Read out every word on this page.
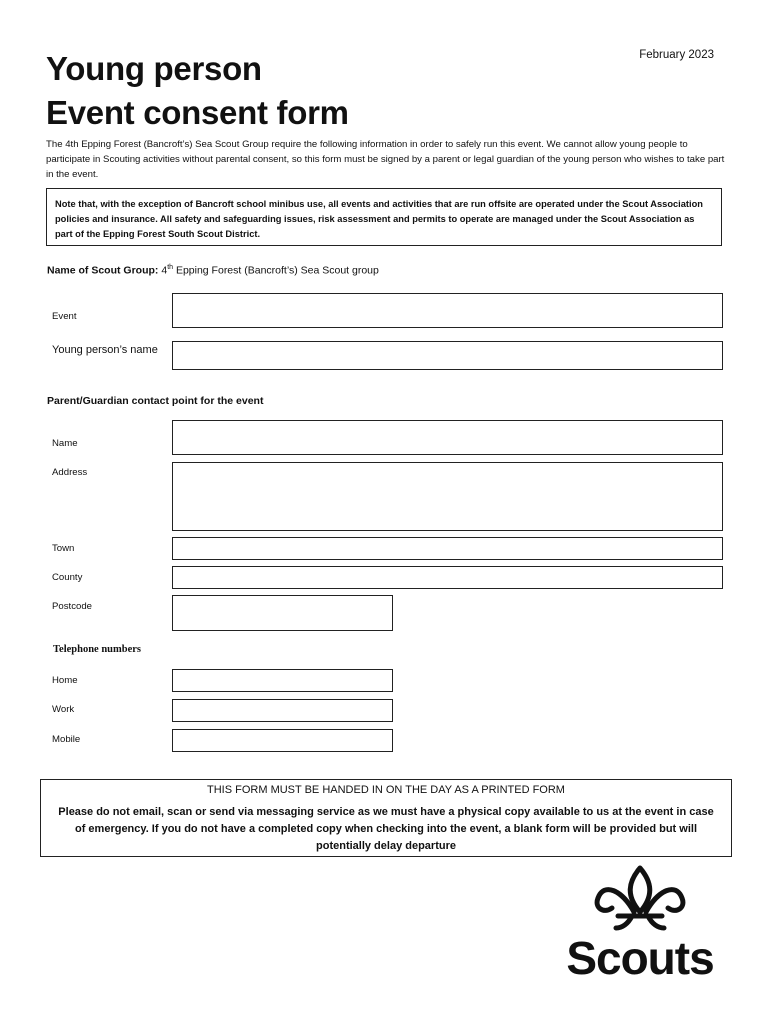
February 2023
Young person
Event consent form
The 4th Epping Forest (Bancroft’s) Sea Scout Group require the following information in order to safely run this event. We cannot allow young people to participate in Scouting activities without parental consent, so this form must be signed by a parent or legal guardian of the young person who wishes to take part in the event.
Note that, with the exception of Bancroft school minibus use, all events and activities that are run offsite are operated under the Scout Association policies and insurance. All safety and safeguarding issues, risk assessment and permits to operate are managed under the Scout Association as part of the Epping Forest South Scout District.
Name of Scout Group: 4th Epping Forest (Bancroft’s) Sea Scout group
Event
Young person’s name
Parent/Guardian contact point for the event
Name
Address
Town
County
Postcode
Telephone numbers
Home
Work
Mobile
THIS FORM MUST BE HANDED IN ON THE DAY AS A PRINTED FORM
Please do not email, scan or send via messaging service as we must have a physical copy available to us at the event in case of emergency. If you do not have a completed copy when checking into the event, a blank form will be provided but will potentially delay departure
Scouts
